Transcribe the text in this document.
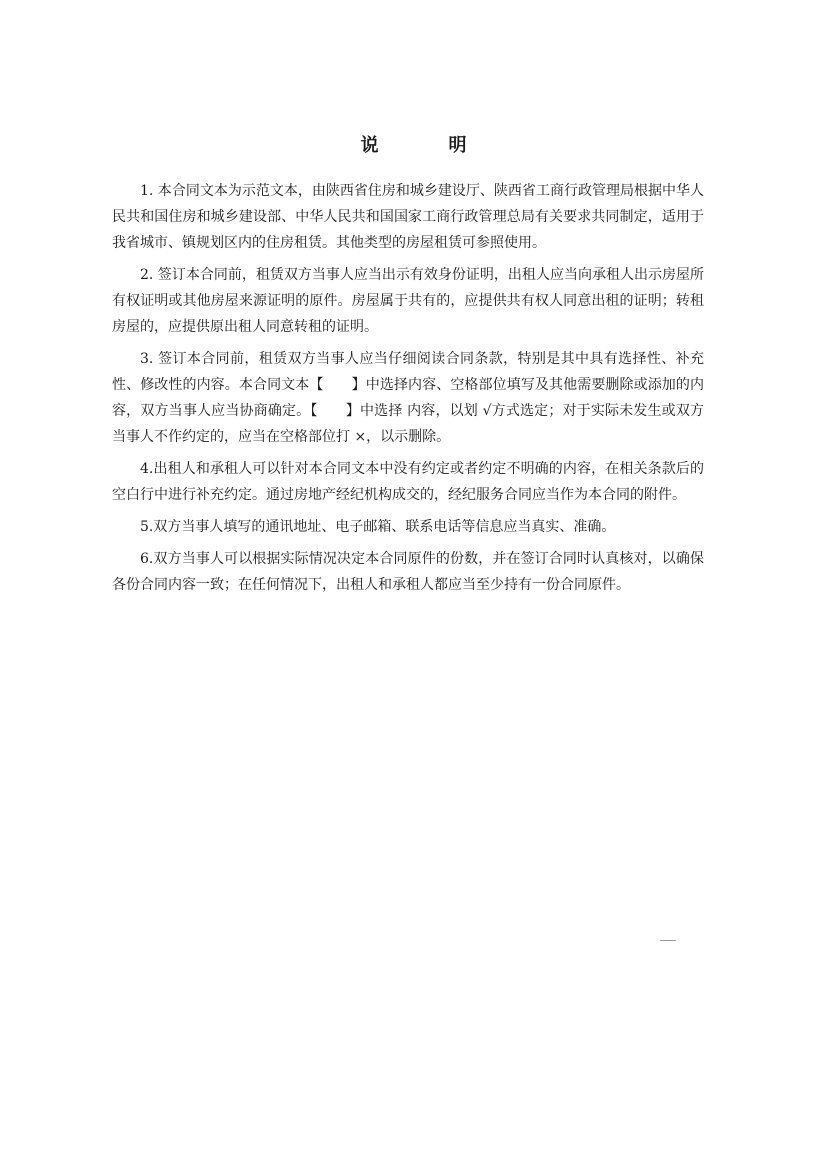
说　明

1. 本合同文本为示范文本，由陕西省住房和城乡建设厅、陕西省工商行政管理局根据中华人民共和国住房和城乡建设部、中华人民共和国国家工商行政管理总局有关要求共同制定，适用于我省城市、镇规划区内的住房租赁。其他类型的房屋租赁可参照使用。

2. 签订本合同前，租赁双方当事人应当出示有效身份证明，出租人应当向承租人出示房屋所有权证明或其他房屋来源证明的原件。房屋属于共有的，应提供共有权人同意出租的证明；转租房屋的，应提供原出租人同意转租的证明。

3. 签订本合同前，租赁双方当事人应当仔细阅读合同条款，特别是其中具有选择性、补充性、修改性的内容。本合同文本【　　】中选择内容、空格部位填写及其他需要删除或添加的内容，双方当事人应当协商确定。【　　】中选择 内容，以划 √方式选定；对于实际未发生或双方当事人不作约定的，应当在空格部位打 ×，以示删除。

4.出租人和承租人可以针对本合同文本中没有约定或者约定不明确的内容，在相关条款后的空白行中进行补充约定。通过房地产经纪机构成交的，经纪服务合同应当作为本合同的附件。

5.双方当事人填写的通讯地址、电子邮箱、联系电话等信息应当真实、准确。

6.双方当事人可以根据实际情况决定本合同原件的份数，并在签订合同时认真核对，以确保各份合同内容一致；在任何情况下，出租人和承租人都应当至少持有一份合同原件。
